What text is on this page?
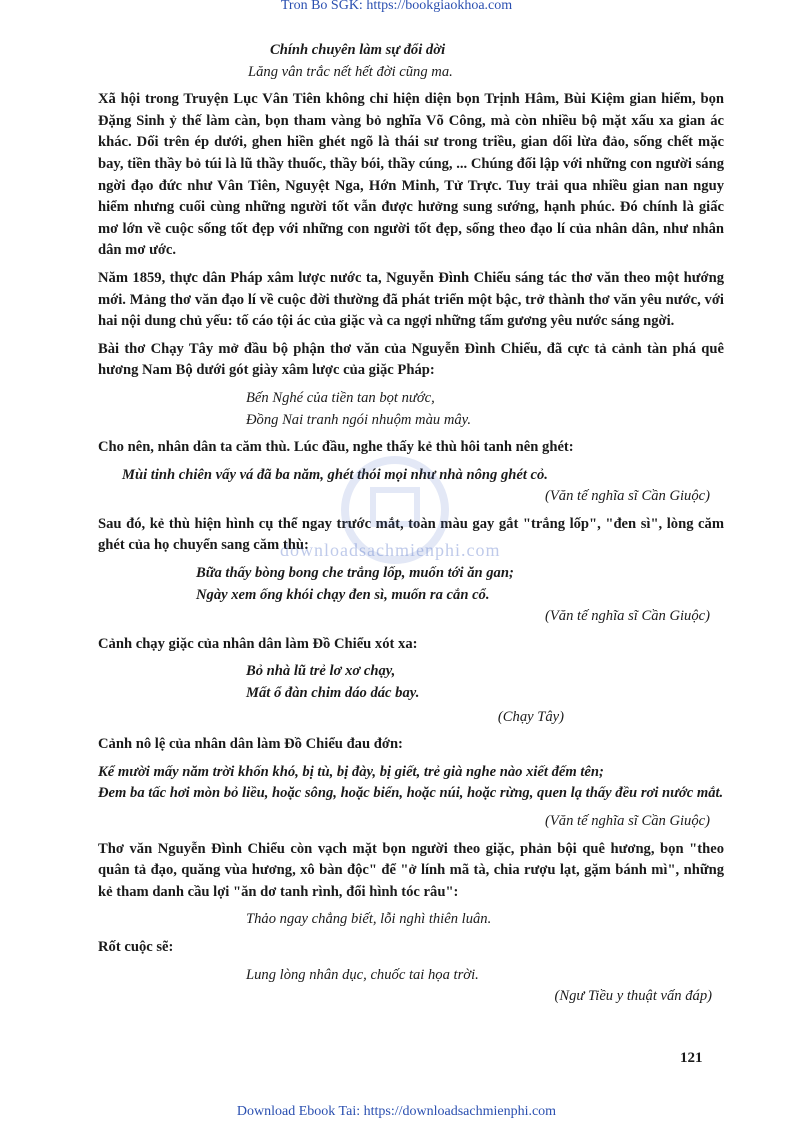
Tron Bo SGK: https://bookgiaokhoa.com
Chính chuyên làm sự đổi dời
Lăng vân trắc nết hết đời cũng ma.

Xã hội trong Truyện Lục Vân Tiên không chỉ hiện diện bọn Trịnh Hâm, Bùi Kiệm gian hiểm, bọn Đặng Sinh ỷ thế làm càn, bọn tham vàng bỏ nghĩa Võ Công, mà còn nhiều bộ mặt xấu xa gian ác khác. Dối trên ép dưới, ghen hiền ghét ngõ là thái sư trong triều, gian dối lừa đảo, sống chết mặc bay, tiền thầy bỏ túi là lũ thầy thuốc, thầy bói, thầy cúng, ... Chúng đối lập với những con người sáng ngời đạo đức như Vân Tiên, Nguyệt Nga, Hớn Minh, Tử Trực. Tuy trải qua nhiều gian nan nguy hiểm nhưng cuối cùng những người tốt vẫn được hưởng sung sướng, hạnh phúc. Đó chính là giấc mơ lớn về cuộc sống tốt đẹp với những con người tốt đẹp, sống theo đạo lí của nhân dân, như nhân dân mơ ước.

Năm 1859, thực dân Pháp xâm lược nước ta, Nguyễn Đình Chiểu sáng tác thơ văn theo một hướng mới. Mảng thơ văn đạo lí về cuộc đời thường đã phát triển một bậc, trở thành thơ văn yêu nước, với hai nội dung chủ yếu: tố cáo tội ác của giặc và ca ngợi những tấm gương yêu nước sáng ngời.

Bài thơ Chạy Tây mở đầu bộ phận thơ văn của Nguyễn Đình Chiểu, đã cực tả cảnh tàn phá quê hương Nam Bộ dưới gót giày xâm lược của giặc Pháp:

Bến Nghé của tiền tan bọt nước,
Đồng Nai tranh ngói nhuộm màu mây.

Cho nên, nhân dân ta căm thù. Lúc đầu, nghe thấy kẻ thù hôi tanh nên ghét:

Mùi tinh chiên vấy vá đã ba năm, ghét thói mọi như nhà nông ghét cỏ.
(Văn tế nghĩa sĩ Cần Giuộc)

Sau đó, kẻ thù hiện hình cụ thể ngay trước mắt, toàn màu gay gắt "trắng lốp", "đen sì", lòng căm ghét của họ chuyển sang căm thù:

Bữa thấy bòng bong che trắng lốp, muốn tới ăn gan;
Ngày xem ống khói chạy đen sì, muốn ra cắn cổ.
(Văn tế nghĩa sĩ Cần Giuộc)

Cảnh chạy giặc của nhân dân làm Đồ Chiểu xót xa:

Bỏ nhà lũ trẻ lơ xơ chạy,
Mất ổ đàn chim dáo dác bay.
(Chạy Tây)

Cảnh nô lệ của nhân dân làm Đồ Chiểu đau đớn:

Kể mười mấy năm trời khốn khó, bị tù, bị đày, bị giết, trẻ già nghe nào xiết đếm tên;
Đem ba tấc hơi mòn bỏ liều, hoặc sông, hoặc biển, hoặc núi, hoặc rừng, quen lạ thấy đều rơi nước mắt.
(Văn tế nghĩa sĩ Cần Giuộc)

Thơ văn Nguyễn Đình Chiểu còn vạch mặt bọn người theo giặc, phản bội quê hương, bọn "theo quân tả đạo, quăng vùa hương, xô bàn độc" để "ở lính mã tà, chia rượu lạt, gặm bánh mì", những kẻ tham danh cầu lợi "ăn dơ tanh rình, đổi hình tóc râu":

Thảo ngay chẳng biết, lỗi nghì thiên luân.

Rốt cuộc sẽ:

Lung lòng nhân dục, chuốc tai họa trời.
(Ngư Tiều y thuật vấn đáp)
downloadsachmienphi.com
121
Download Ebook Tai: https://downloadsachmienphi.com
